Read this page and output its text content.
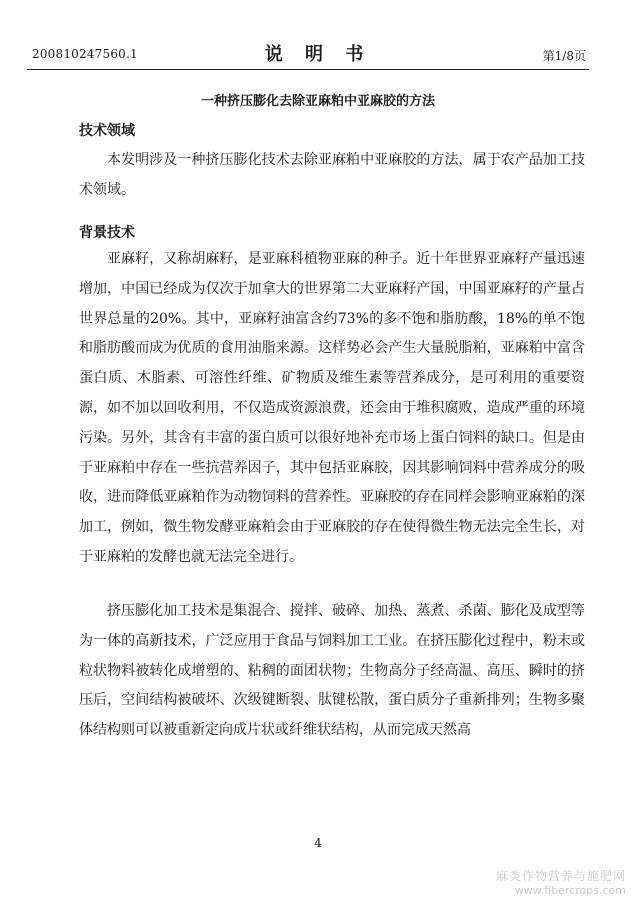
200810247560.1	说 明 书	第1/8页
一种挤压膨化去除亚麻粕中亚麻胶的方法
技术领域

本发明涉及一种挤压膨化技术去除亚麻粕中亚麻胶的方法，属于农产品加工技术领域。

背景技术

亚麻籽，又称胡麻籽，是亚麻科植物亚麻的种子。近十年世界亚麻籽产量迅速增加，中国已经成为仅次于加拿大的世界第二大亚麻籽产国，中国亚麻籽的产量占世界总量的20%。其中，亚麻籽油富含约73%的多不饱和脂肪酸，18%的单不饱和脂肪酸而成为优质的食用油脂来源。这样势必会产生大量脱脂粕，亚麻粕中富含蛋白质、木脂素、可溶性纤维、矿物质及维生素等营养成分，是可利用的重要资源，如不加以回收利用，不仅造成资源浪费，还会由于堆积腐败，造成严重的环境污染。另外，其含有丰富的蛋白质可以很好地补充市场上蛋白饲料的缺口。但是由于亚麻粕中存在一些抗营养因子，其中包括亚麻胶，因其影响饲料中营养成分的吸收，进而降低亚麻粕作为动物饲料的营养性。亚麻胶的存在同样会影响亚麻粕的深加工，例如，微生物发酵亚麻粕会由于亚麻胶的存在使得微生物无法完全生长，对于亚麻粕的发酵也就无法完全进行。

挤压膨化加工技术是集混合、搅拌、破碎、加热、蒸煮、杀菌、膨化及成型等为一体的高新技术，广泛应用于食品与饲料加工工业。在挤压膨化过程中，粉末或粒状物料被转化成增塑的、粘稠的面团状物；生物高分子经高温、高压、瞬时的挤压后，空间结构被破坏、次级键断裂、肽键松散，蛋白质分子重新排列；生物多聚体结构则可以被重新定向成片状或纤维状结构，从而完成天然高

4
麻类作物营养与施肥网
www.fibercrops.com
